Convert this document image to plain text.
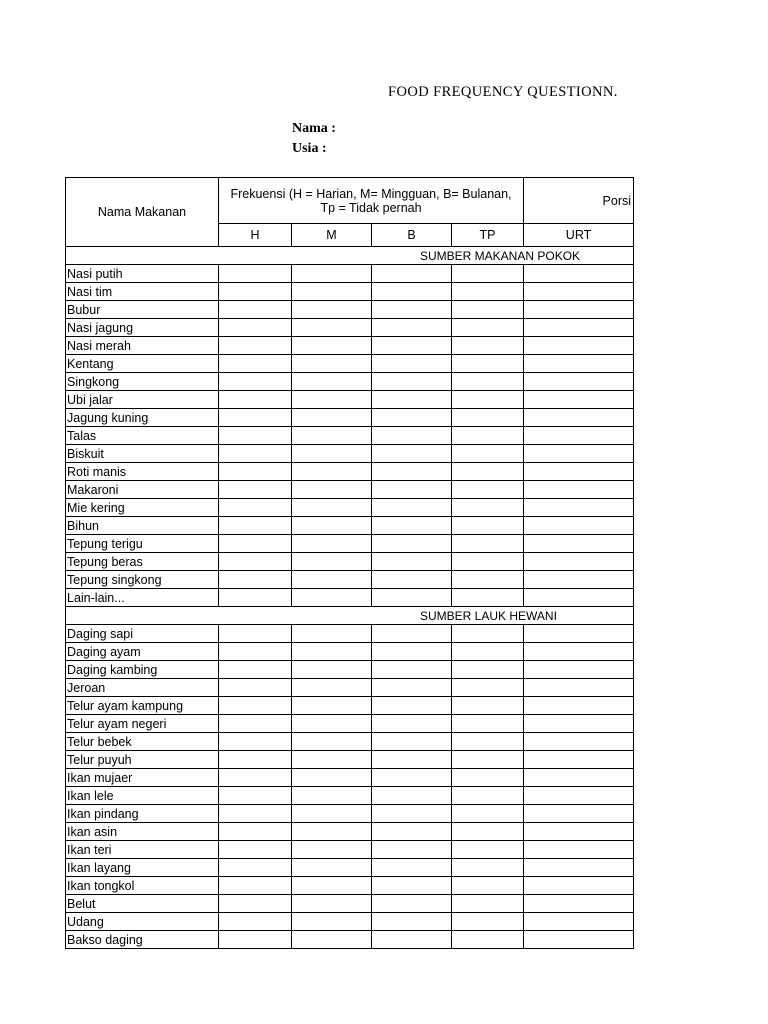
FOOD FREQUENCY QUESTIONN.
Nama :
Usia :
Nama Makanan	Frekuensi (H = Harian, M= Mingguan, B= Bulanan, Tp = Tidak pernah				Porsi
	H	M	B	TP	URT
SUMBER MAKANAN POKOK					
Nasi putih					
Nasi tim					
Bubur					
Nasi jagung					
Nasi merah					
Kentang					
Singkong					
Ubi jalar					
Jagung kuning					
Talas					
Biskuit					
Roti manis					
Makaroni					
Mie kering					
Bihun					
Tepung terigu					
Tepung beras					
Tepung singkong					
Lain-lain...					
SUMBER LAUK HEWANI					
Daging sapi					
Daging ayam					
Daging kambing					
Jeroan					
Telur ayam kampung					
Telur ayam negeri					
Telur bebek					
Telur puyuh					
Ikan mujaer					
Ikan lele					
Ikan pindang					
Ikan asin					
Ikan teri					
Ikan layang					
Ikan tongkol					
Belut					
Udang					
Bakso daging					
